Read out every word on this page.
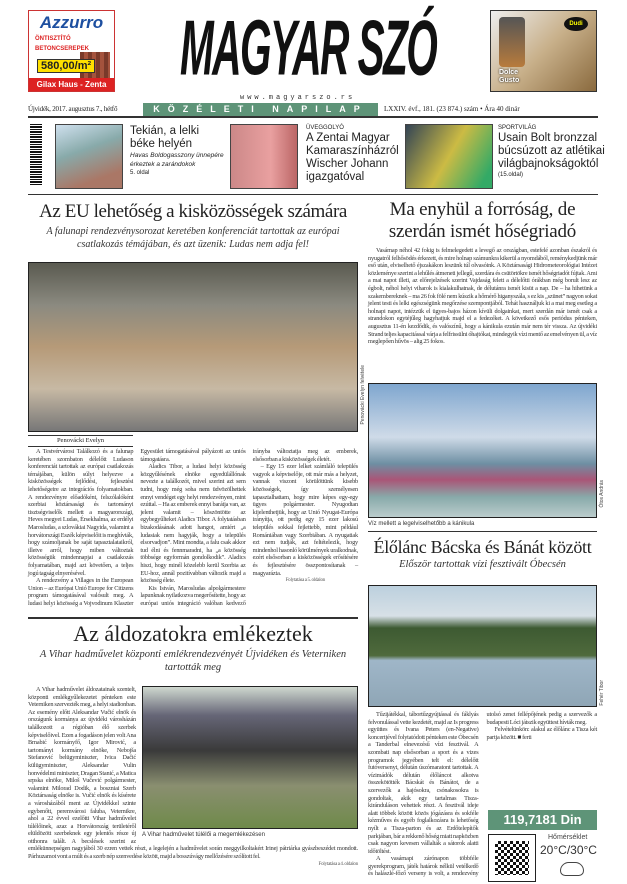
Azzurro
ÖNTISZTÍTÓ
BETONCSEREPEK
580,00/m²
Gilax Haus - Zenta MAGYAR SZÓ
www.magyarszo.rs
Dudi
Dolce
Gusto
Újvidék, 2017. augusztus 7., hétfő	KÖZÉLETI NAPILAP	LXXIV. évf., 181. (23 874.) szám • Ára 40 dinár
Tekián, a lelki béke helyén
Havas Boldogasszony ünnepére érkeztek a zarándokok
5. oldal
ÜVEGGOLYÓ
A Zentai Magyar Kamaraszínházról Wischer Johann igazgatóval
SPORTVILÁG
Usain Bolt bronzzal búcsúzott az atlétikai világbajnokságoktól
(15.oldal)
Az EU lehetőség a kisközösségek számára
A falunapi rendezvénysorozat keretében konferenciát tartottak az európai csatlakozás témájában, és azt üzenik: Ludas nem adja fel!
Penovácki Evelyn felvétele
Penovácki Evelyn

A Testvérvárosi Találkozó és a falunap keretében szombaton délelőtt Ludason konferenciát tartottak az európai csatlakozás témájában, külön súlyt helyezve a kisközösségek fejlődési, fejlesztési lehetőségeire az integrációs folyamatokban. A rendezvényre előadóként, felszólalóként szerbiai köztársasági és tartományi tisztségviselők mellett a magyarországi, Heves megyei Ludas, Érsekhalma, az erdélyi Marosludas, a szlovákiai Nagyida, valamint a horvátországi Eszék képviselőit is meghívták, hogy számoljanak be saját tapasztalataikról, illetve arról, hogy miben változtak közösségük mindennapjai a csatlakozás folyamatában, majd azt követően, a teljes jogú tagság elnyerésével.

A rendezvény a Villages in the European Union – az Európai Unió Europe for Citizens program támogatásával valósult meg. A ludasi helyi közösség a Vojvodinum Klaszter Egyesület támogatásával pályázott az uniós támogatásra.

Aladics Tibor, a ludasi helyi közösség közgyűlésének elnöke egyedülállónak nevezte a találkozót, mivel szerint azt sem tudni, hogy még soha nem üdvözölhettek ennyi vendéget egy helyi rendezvényen, mint ezúttal. – Ha az emberek ennyi barátja van, az jelent valamit – köszöntötte az egybegyűlteket Aladics Tibor. A folytatásban bizakodásának adott hangot, amiért „a ludasiak nem hagyják, hogy a település elsorvadjon”. Mint mondta, a falu csak akkor tud élni és fennmaradni, ha „a közösség többsége egyformán gondolkodik”. Aladics hiszi, hogy minél közelebb kerül Szerbia az EU-hoz, annál pozitívabban változik majd a közösség élete.

Kis István, Marosludas alpolgármestere lapunknak nyilatkozva megerősítette, hogy az európai uniós integráció valóban kedvező irányba változtatja meg az emberek, elsősorban a kisközösségek életét.

– Egy 15 ezer lelket számláló település vagyok a képviselője, ott már más a helyzet, vannak viszont körülöttünk kisebb közösségek, így személyesen tapasztalhattam, hogy mire képes egy-egy ügyes polgármester. Nyugodtan kijelenthetjük, hogy az Unió Nyugat-Európa irányítja, ott pedig egy 15 ezer lakosú település sokkal fejlettebb, mint például Romániában vagy Szerbiában. A nyugatiak ezt nem tudják, azt feltételezik, hogy mindenhol hasonló körülmények uralkodnak, ezért elsősorban a kisközösségek erősítésére és fejlesztésére összpontosítanak – magyarázta.

Folytatása a 5. oldalon
Az áldozatokra emlékeztek
A Vihar hadművelet központi emlékrendezvényét Újvidéken és Veterniken tartották meg
A Vihar hadművelet túlélői a megemlékezésen

A Vihar hadművelet áldozatainak szentelt, központi emlékgyűlekezetet pénteken este Veterniken szervezték meg, a helyi stadionban. Az esemény előtt Aleksandar Vučić elnök és országunk kormánya az újvidéki városházán találkozott a régióban élő szerbek képviselőivel. Ezen a fogadáson jelen volt Ana Brnabić kormányfő, Igor Mirović, a tartományi kormány elnöke, Nebojša Stefanović belügyminiszter, Ivica Dačić külügyminiszter, Aleksandar Vulin honvédelmi miniszter, Dragan Stanić, a Matica srpska elnöke, Miloš Vučević polgármester, valamint Milorad Dodik, a boszniai Szerb Köztársaság elnöke is. Vučić elnök és kísérete a városházából ment az Újvidékkel szinte egybenőtt, peremvárosi faluba, Veternikre, ahol a 22 évvel ezelőtti Vihar hadművelet túlélőinek, azaz a Horvátország területéről elüldözött szerbeknek egy jelentős része új otthonra talált. A becslések szerint az emlékünnepségen nagyjából 30 ezren vettek részt, a legelején a hadművelet során meggyilkoltakért Irinej pátriárka gyászbeszédet mondott. Párhuzamot vont a múlt és a szerb nép szenvedése között, majd a bosszúvágy mellőzésére szólított fel.

Folytatása a 4. oldalon
Ma enyhül a forróság, de szerdán ismét hőségriadó

Vasárnap néhol 42 fokig is felmelegedett a levegő az országban, estefelé azonban északról és nyugatról felhősödés érkezett, és mire holnap számunkra kikerül a nyomdából, reménykedjünk már eső után, elviselhető éjszakákon leszünk túl olvasóink. A Köztársasági Hidrometeorológiai Intézet közleménye szerint a lehűlés átmeneti jellegű, szerdára és csütörtökre ismét hőségriadót fújtak. Ami a mai napot illeti, az előrejelzések szerint Vajdaság felett a délelőtti órákban még borult lesz az égbolt, néhol helyi viharok is kialakulhatnak, de délutánra ismét kisüt a nap. De – ha hihetünk a szakembereknek – ma 26 fok fölé nem kúszik a hőmérő higanyszála, s ez kis „szünet” nagyon sokat jelent testi és lelki egészségünk megőrzése szempontjából. Tehát használjuk ki a mai meg esetleg a holnapi napot, intézzük el ügyes-bajos házon kívüli dolgainkat, mert szerdán már ismét csak a strandokon egytéjűleg hagyhatjuk majd el a fedezéket. A következő esős periódus pénteken, augusztus 11-én kezdődik, és valószínű, hogy a kánikula ezután már nem tér vissza. Az újvidéki Strand teljes kapacitással várja a felfrissülni óhajtókat, mindegyik vízi mentő az emelvényen ül, a víz meglepően hűvös – alig 25 fokos.

Ótos András
Víz mellett a legelviselhetőbb a kánikula
Élőlánc Bácska és Bánát között
Először tartottak vízi fesztivált Óbecsén
Fehér Tibor

Tűzijátékkal, tábortűzgyújtással és fáklyás felvonulással vette kezdetét, majd az Is progress együttes és Ivana Peters (en-Negative) koncertjével folytatódott pénteken este Óbecsén a Tanderbal elnevezésű vízi fesztivál. A szombati nap elsősorban a sport és a vizes programok jegyében telt el: délelőtt futóversenyt, délután úszómaratont tartottak. A vízimádók délután élőláncot alkotva összekötötték Bácskát és Bánátot, de a szervezők a hajósokra, csónakosokra is gondoltak, akik egy tartalmas Tisza-kiránduláson vehettek részt. A fesztivál ideje alatt többek között közös jógázásra és sokféle kézműves és egyéb foglalkozásra is lehetőség nyílt a Tisza-parton és az Erdőtelepítők parkjában, bár a rekkenő hőség miatt napközben csak nagyon kevesen vállalták a sátorok alatti időtöltést.

A vasárnapi zárónapon többféle gyerekprogram, játék határok nélkül vetélkedő és halászlé-főző verseny is volt, a rendezvény utolsó zenei fellépőjének pedig a szervezők a budapesti Lóci játszik együttest hívták meg.

Felvételünkön: alakul az élőlánc a Tisza két partja között. ■ ferti

119,7181 Din
Hőmérséklet
20°C/30°C
